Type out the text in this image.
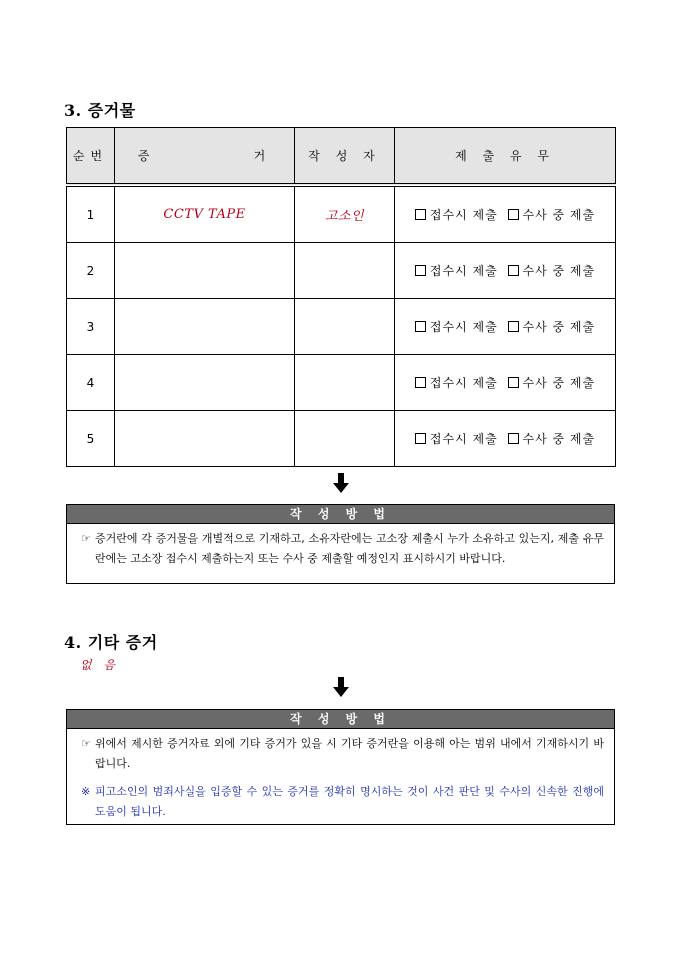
3. 증거물
순번	증          거	작 성 자	제 출 유 무
1	CCTV TAPE	고소인	접수시 제출
수사 중 제출

2			접수시 제출
수사 중 제출

3			접수시 제출
수사 중 제출

4			접수시 제출
수사 중 제출

5			접수시 제출
수사 중 제출
작 성 방 법
☞ 증거란에 각 증거물을 개별적으로 기재하고, 소유자란에는 고소장 제출시 누가 소유하고 있는지, 제출 유무란에는 고소장 접수시 제출하는지 또는 수사 중 제출할 예정인지 표시하시기 바랍니다.
4. 기타 증거
없 음
작 성 방 법
☞ 위에서 제시한 증거자료 외에 기타 증거가 있을 시 기타 증거란을 이용해 아는 범위 내에서 기재하시기 바랍니다.
※ 피고소인의 범죄사실을 입증할 수 있는 증거를 정확히 명시하는 것이 사건 판단 및 수사의 신속한 진행에 도움이 됩니다.
